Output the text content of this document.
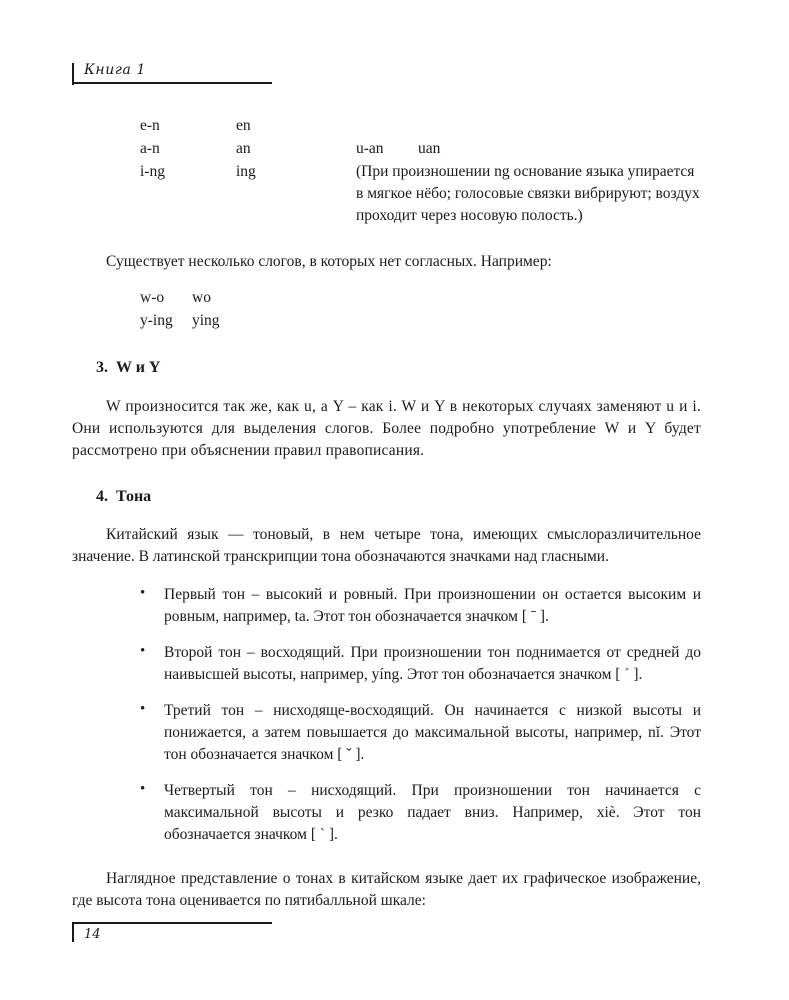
Книга 1
e-n	en
a-n	an	u-an	uan
i-ng	ing	(При произношении ng основание языка упирается в мягкое нёбо; голосовые связки вибрируют; воздух проходит через носовую полость.)

Существует несколько слогов, в которых нет согласных. Например:

w-o	wo
y-ing	ying
3. W и Y

W произносится так же, как u, а Y – как i. W и Y в некоторых случаях заменяют u и i. Они используются для выделения слогов. Более подробно употребление W и Y будет рассмотрено при объяснении правил правописания.

4. Тона

Китайский язык — тоновый, в нем четыре тона, имеющих смыслоразличительное значение. В латинской транскрипции тона обозначаются значками над гласными.

• Первый тон – высокий и ровный. При произношении он остается высоким и ровным, например, ta. Этот тон обозначается значком [ ˉ ].
• Второй тон – восходящий. При произношении тон поднимается от средней до наивысшей высоты, например, yíng. Этот тон обозначается значком [ ´ ].
• Третий тон – нисходяще-восходящий. Он начинается с низкой высоты и понижается, а затем повышается до максимальной высоты, например, nǐ. Этот тон обозначается значком [ ˇ ].
• Четвертый тон – нисходящий. При произношении тон начинается с максимальной высоты и резко падает вниз. Например, xiè. Этот тон обозначается значком [ ` ].

Наглядное представление о тонах в китайском языке дает их графическое изображение, где высота тона оценивается по пятибалльной шкале:

14
